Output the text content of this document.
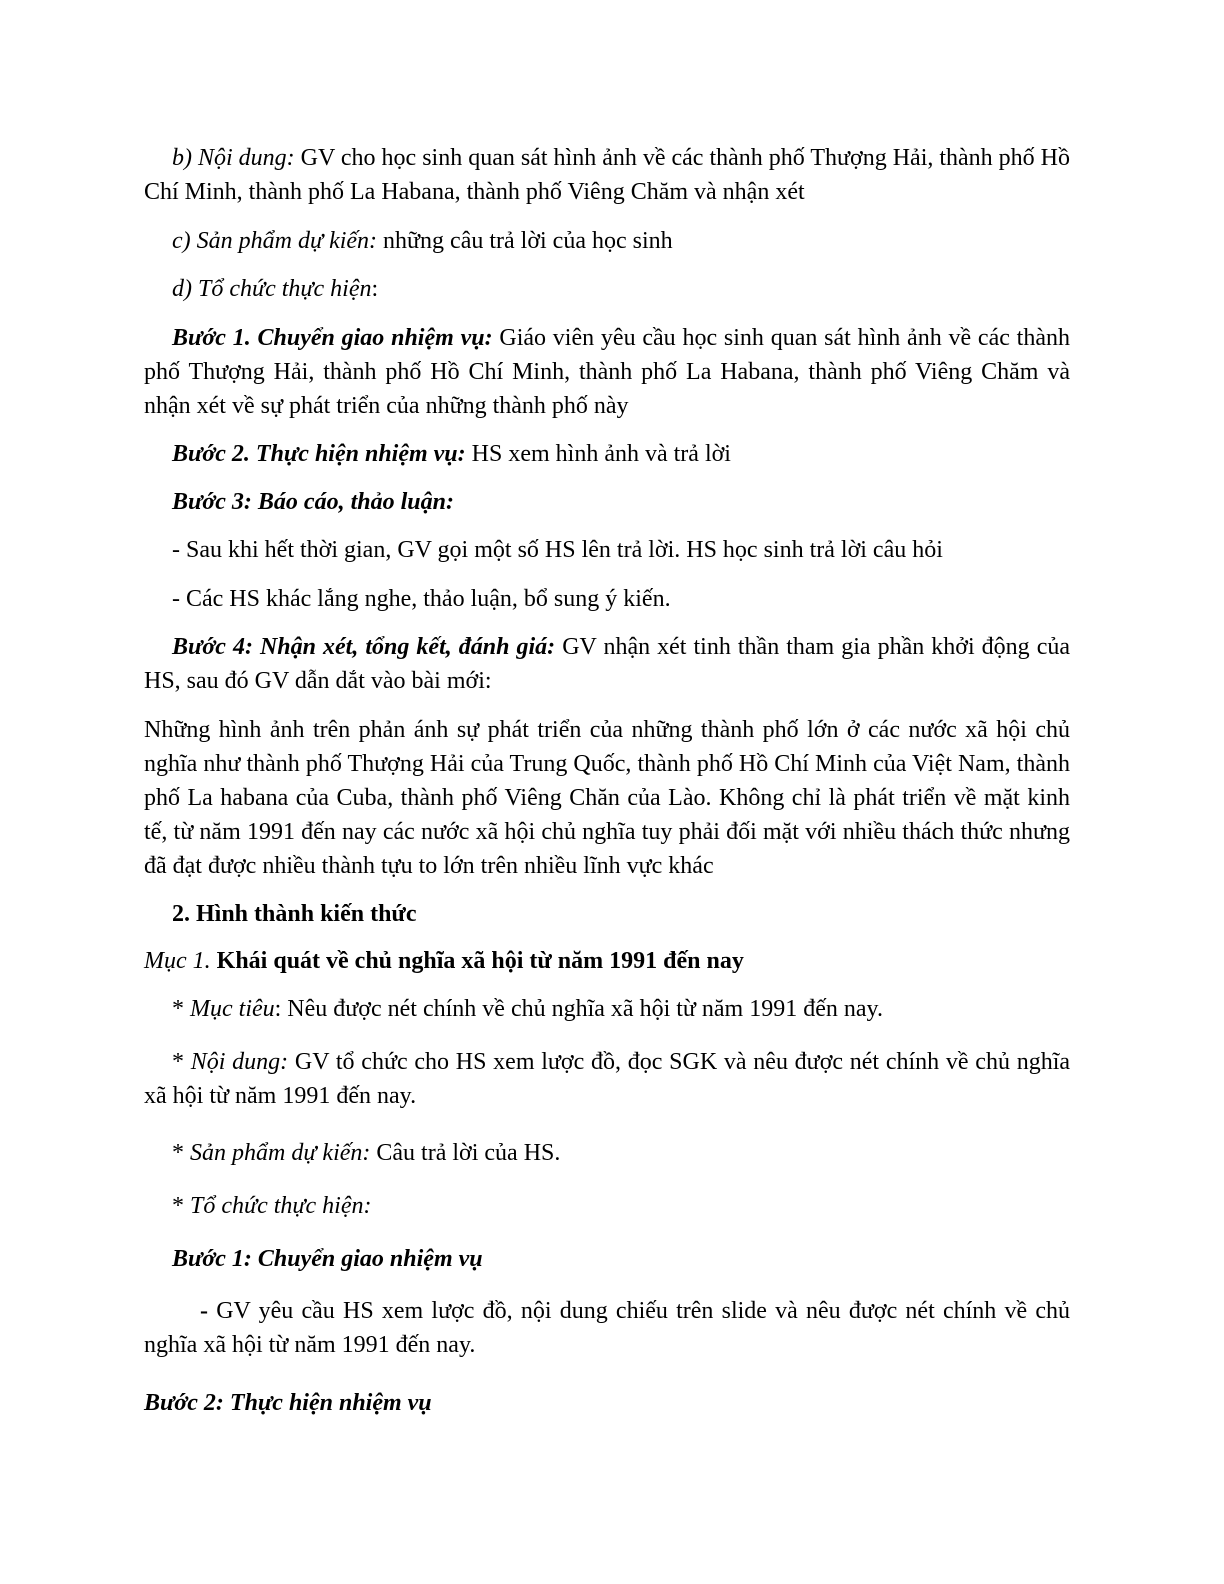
b) Nội dung: GV cho học sinh quan sát hình ảnh về các thành phố Thượng Hải, thành phố Hồ Chí Minh, thành phố La Habana, thành phố Viêng Chăm và nhận xét

c) Sản phẩm dự kiến: những câu trả lời của học sinh

d) Tổ chức thực hiện:

Bước 1. Chuyển giao nhiệm vụ: Giáo viên yêu cầu học sinh quan sát hình ảnh về các thành phố Thượng Hải, thành phố Hồ Chí Minh, thành phố La Habana, thành phố Viêng Chăm và nhận xét về sự phát triển của những thành phố này

Bước 2. Thực hiện nhiệm vụ: HS xem hình ảnh và trả lời

Bước 3: Báo cáo, thảo luận:

- Sau khi hết thời gian, GV gọi một số HS lên trả lời. HS học sinh trả lời câu hỏi

- Các HS khác lắng nghe, thảo luận, bổ sung ý kiến.

Bước 4: Nhận xét, tổng kết, đánh giá: GV nhận xét tinh thần tham gia phần khởi động của HS, sau đó GV dẫn dắt vào bài mới:

Những hình ảnh trên phản ánh sự phát triển của những thành phố lớn ở các nước xã hội chủ nghĩa như thành phố Thượng Hải của Trung Quốc, thành phố Hồ Chí Minh của Việt Nam, thành phố La habana của Cuba, thành phố Viêng Chăn của Lào. Không chỉ là phát triển về mặt kinh tế, từ năm 1991 đến nay các nước xã hội chủ nghĩa tuy phải đối mặt với nhiều thách thức nhưng đã đạt được nhiều thành tựu to lớn trên nhiều lĩnh vực khác

2. Hình thành kiến thức

Mục 1. Khái quát về chủ nghĩa xã hội từ năm 1991 đến nay

* Mục tiêu: Nêu được nét chính về chủ nghĩa xã hội từ năm 1991 đến nay.

* Nội dung: GV tổ chức cho HS xem lược đồ, đọc SGK và nêu được nét chính về chủ nghĩa xã hội từ năm 1991 đến nay.

* Sản phẩm dự kiến: Câu trả lời của HS.

* Tổ chức thực hiện:

Bước 1: Chuyển giao nhiệm vụ

- GV yêu cầu HS xem lược đồ, nội dung chiếu trên slide và nêu được nét chính về chủ nghĩa xã hội từ năm 1991 đến nay.

Bước 2: Thực hiện nhiệm vụ
